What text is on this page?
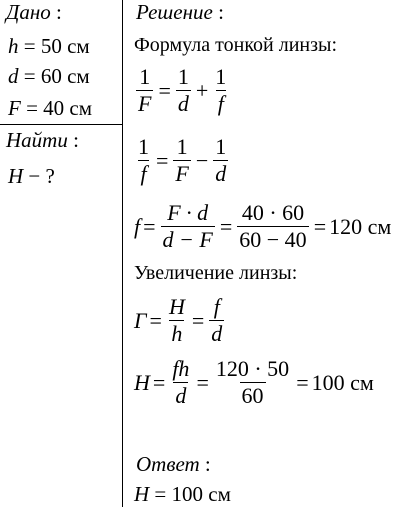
Дано :
h = 50 см
d = 60 см
F = 40 см
Найти :
H − ?
Решение :
Формула тонкой линзы:
$\frac{1}{F} = \frac{1}{d} + \frac{1}{f}$
$\frac{1}{f} = \frac{1}{F} - \frac{1}{d}$
$f = \frac{F \cdot d}{d - F} = \frac{40 \cdot 60}{60 - 40} = 120$ см
Увеличение линзы:
$\Gamma = \frac{H}{h} = \frac{f}{d}$
$H = \frac{fh}{d} = \frac{120 \cdot 50}{60} = 100$ см
Ответ :
H = 100 см
